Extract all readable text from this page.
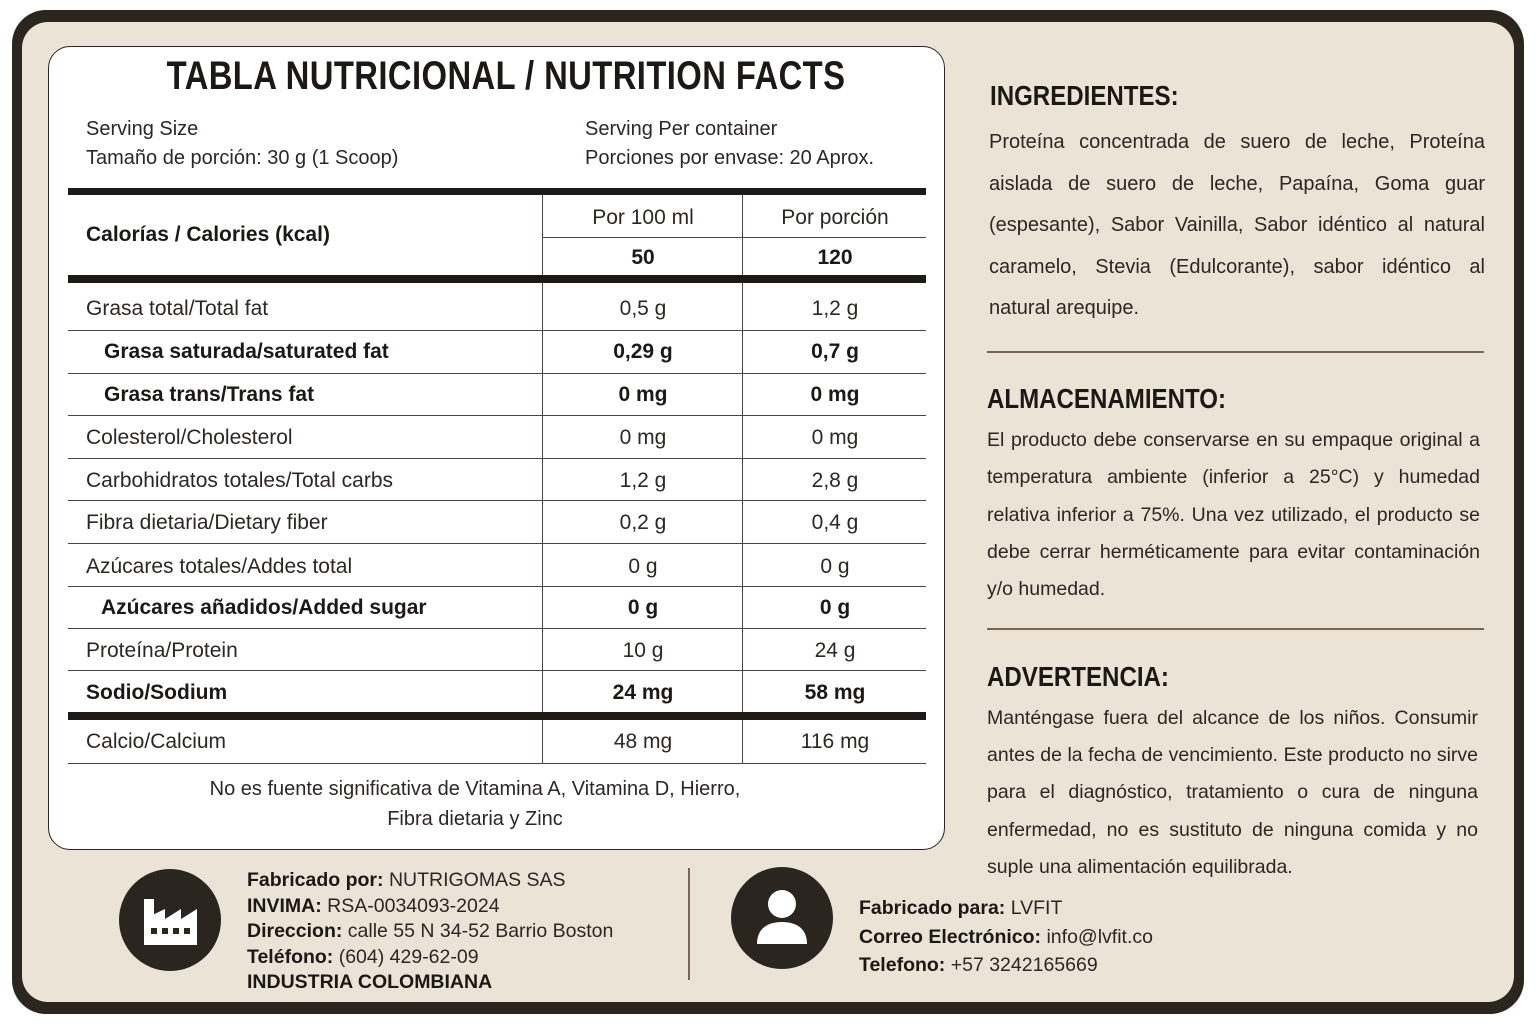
TABLA NUTRICIONAL / NUTRITION FACTS
Serving Size
Tamaño de porción: 30 g (1 Scoop)
Serving Per container
Porciones por envase: 20 Aprox.
Calorías / Calories (kcal)
Por 100 ml	Por porción
50	120
Grasa total/Total fat	0,5 g	1,2 g
Grasa saturada/saturated fat	0,29 g	0,7 g
Grasa trans/Trans fat	0 mg	0 mg
Colesterol/Cholesterol	0 mg	0 mg
Carbohidratos totales/Total carbs	1,2 g	2,8 g
Fibra dietaria/Dietary fiber	0,2 g	0,4 g
Azúcares totales/Addes total	0 g	0 g
Azúcares añadidos/Added sugar	0 g	0 g
Proteína/Protein	10 g	24 g
Sodio/Sodium	24 mg	58 mg
Calcio/Calcium	48 mg	116 mg
No es fuente significativa de Vitamina A, Vitamina D, Hierro,
Fibra dietaria y Zinc
INGREDIENTES:
Proteína concentrada de suero de leche, Proteína aislada de suero de leche, Papaína, Goma guar (espesante), Sabor Vainilla, Sabor idéntico al natural caramelo, Stevia (Edulcorante), sabor idéntico al natural arequipe.
ALMACENAMIENTO:
El producto debe conservarse en su empaque original a temperatura ambiente (inferior a 25°C) y humedad relativa inferior a 75%. Una vez utilizado, el producto se debe cerrar herméticamente para evitar contaminación y/o humedad.
ADVERTENCIA:
Manténgase fuera del alcance de los niños. Consumir antes de la fecha de vencimiento. Este producto no sirve para el diagnóstico, tratamiento o cura de ninguna enfermedad, no es sustituto de ninguna comida y no suple una alimentación equilibrada.
Fabricado por: NUTRIGOMAS SAS
INVIMA: RSA-0034093-2024
Direccion: calle 55 N 34-52 Barrio Boston
Teléfono: (604) 429-62-09
INDUSTRIA COLOMBIANA
Fabricado para: LVFIT
Correo Electrónico: info@lvfit.co
Telefono: +57 3242165669
